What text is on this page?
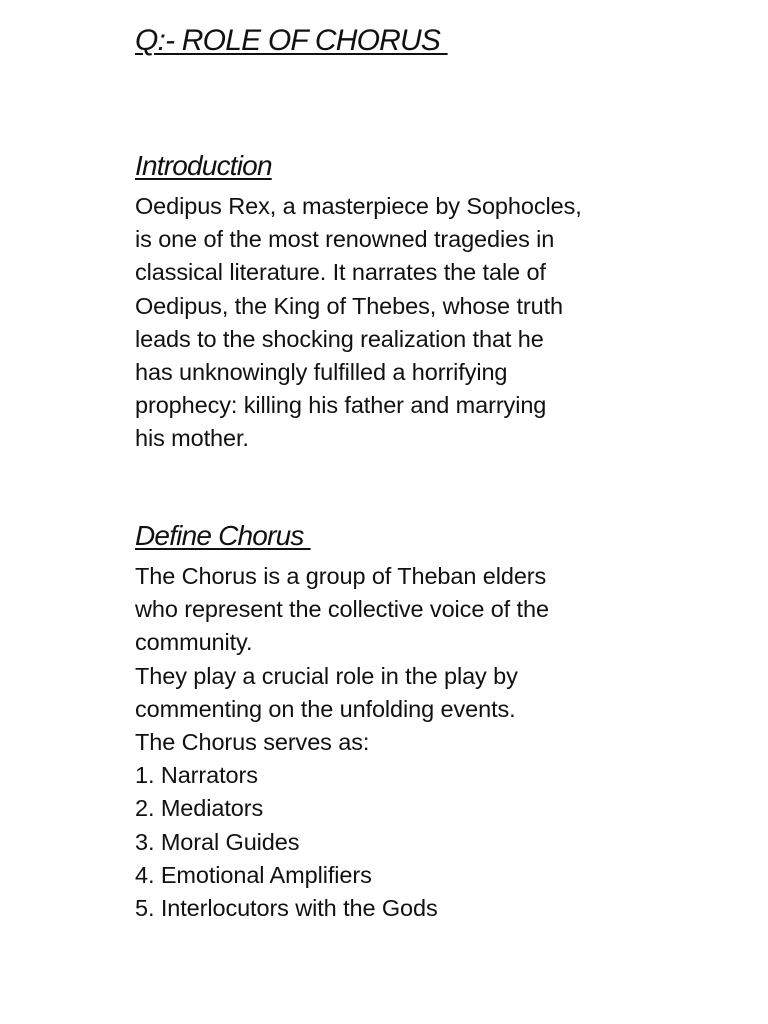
Q:- ROLE OF CHORUS
Introduction
Oedipus Rex, a masterpiece by Sophocles,
is one of the most renowned tragedies in
classical literature. It narrates the tale of
Oedipus, the King of Thebes, whose truth
leads to the shocking realization that he
has unknowingly fulfilled a horrifying
prophecy: killing his father and marrying
his mother.
Define Chorus
The Chorus is a group of Theban elders
who represent the collective voice of the
community.
They play a crucial role in the play by
commenting on the unfolding events.
The Chorus serves as:
1. Narrators
2. Mediators
3. Moral Guides
4. Emotional Amplifiers
5. Interlocutors with the Gods
